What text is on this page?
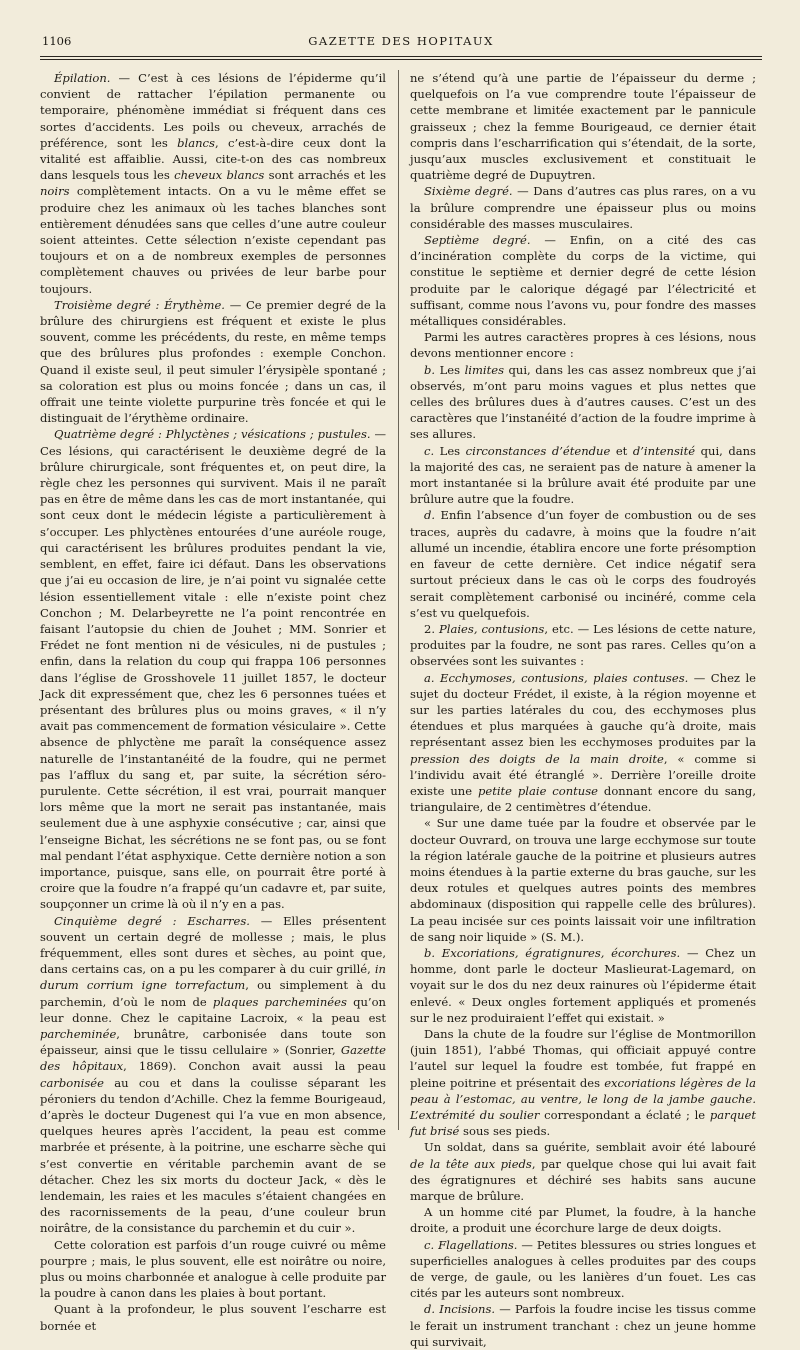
1106	GAZETTE DES HOPITAUX

Épilation. — C’est à ces lésions de l’épiderme qu’il convient de rattacher l’épilation permanente ou temporaire, phénomène immédiat si fréquent dans ces sortes d’accidents. Les poils ou cheveux, arrachés de préférence, sont les blancs, c’est-à-dire ceux dont la vitalité est affaiblie. Aussi, cite-t-on des cas nombreux dans lesquels tous les cheveux blancs sont arrachés et les noirs complètement intacts. On a vu le même effet se produire chez les animaux où les taches blanches sont entièrement dénudées sans que celles d’une autre couleur soient atteintes. Cette sélection n’existe cependant pas toujours et on a de nombreux exemples de personnes complètement chauves ou privées de leur barbe pour toujours.

Troisième degré : Érythème. — Ce premier degré de la brûlure des chirurgiens est fréquent et existe le plus souvent, comme les précédents, du reste, en même temps que des brûlures plus profondes : exemple Conchon. Quand il existe seul, il peut simuler l’érysipèle spontané ; sa coloration est plus ou moins foncée ; dans un cas, il offrait une teinte violette purpurine très foncée et qui le distinguait de l’érythème ordinaire.

Quatrième degré : Phlyctènes ; vésications ; pustules. — Ces lésions, qui caractérisent le deuxième degré de la brûlure chirurgicale, sont fréquentes et, on peut dire, la règle chez les personnes qui survivent. Mais il ne paraît pas en être de même dans les cas de mort instantanée, qui sont ceux dont le médecin légiste a particulièrement à s’occuper. Les phlyctènes entourées d’une auréole rouge, qui caractérisent les brûlures produites pendant la vie, semblent, en effet, faire ici défaut. Dans les observations que j’ai eu occasion de lire, je n’ai point vu signalée cette lésion essentiellement vitale : elle n’existe point chez Conchon ; M. Delarbeyrette ne l’a point rencontrée en faisant l’autopsie du chien de Jouhet ; MM. Sonrier et Frédet ne font mention ni de vésicules, ni de pustules ; enfin, dans la relation du coup qui frappa 106 personnes dans l’église de Grosshovele 11 juillet 1857, le docteur Jack dit expressément que, chez les 6 personnes tuées et présentant des brûlures plus ou moins graves, « il n’y avait pas commencement de formation vésiculaire ». Cette absence de phlyctène me paraît la conséquence assez naturelle de l’instantanéité de la foudre, qui ne permet pas l’afflux du sang et, par suite, la sécrétion séro-purulente. Cette sécrétion, il est vrai, pourrait manquer lors même que la mort ne serait pas instantanée, mais seulement due à une asphyxie consécutive ; car, ainsi que l’enseigne Bichat, les sécrétions ne se font pas, ou se font mal pendant l’état asphyxique. Cette dernière notion a son importance, puisque, sans elle, on pourrait être porté à croire que la foudre n’a frappé qu’un cadavre et, par suite, soupçonner un crime là où il n’y en a pas.

Cinquième degré : Escharres. — Elles présentent souvent un certain degré de mollesse ; mais, le plus fréquemment, elles sont dures et sèches, au point que, dans certains cas, on a pu les comparer à du cuir grillé, in durum corrium igne torrefactum, ou simplement à du parchemin, d’où le nom de plaques parcheminées qu’on leur donne. Chez le capitaine Lacroix, « la peau est parcheminée, brunâtre, carbonisée dans toute son épaisseur, ainsi que le tissu cellulaire » (Sonrier, Gazette des hôpitaux, 1869). Conchon avait aussi la peau carbonisée au cou et dans la coulisse séparant les péroniers du tendon d’Achille. Chez la femme Bourigeaud, d’après le docteur Dugenest qui l’a vue en mon absence, quelques heures après l’accident, la peau est comme marbrée et présente, à la poitrine, une escharre sèche qui s’est convertie en véritable parchemin avant de se détacher. Chez les six morts du docteur Jack, « dès le lendemain, les raies et les macules s’étaient changées en des racornissements de la peau, d’une couleur brun noirâtre, de la consistance du parchemin et du cuir ».

Cette coloration est parfois d’un rouge cuivré ou même pourpre ; mais, le plus souvent, elle est noirâtre ou noire, plus ou moins charbonnée et analogue à celle produite par la poudre à canon dans les plaies à bout portant.

Quant à la profondeur, le plus souvent l’escharre est bornée et

ne s’étend qu’à une partie de l’épaisseur du derme ; quelquefois on l’a vue comprendre toute l’épaisseur de cette membrane et limitée exactement par le pannicule graisseux ; chez la femme Bourigeaud, ce dernier était compris dans l’escharrification qui s’étendait, de la sorte, jusqu’aux muscles exclusivement et constituait le quatrième degré de Dupuytren.

Sixième degré. — Dans d’autres cas plus rares, on a vu la brûlure comprendre une épaisseur plus ou moins considérable des masses musculaires.

Septième degré. — Enfin, on a cité des cas d’incinération complète du corps de la victime, qui constitue le septième et dernier degré de cette lésion produite par le calorique dégagé par l’électricité et suffisant, comme nous l’avons vu, pour fondre des masses métalliques considérables.

Parmi les autres caractères propres à ces lésions, nous devons mentionner encore :

b. Les limites qui, dans les cas assez nombreux que j’ai observés, m’ont paru moins vagues et plus nettes que celles des brûlures dues à d’autres causes. C’est un des caractères que l’instanéité d’action de la foudre imprime à ses allures.

c. Les circonstances d’étendue et d’intensité qui, dans la majorité des cas, ne seraient pas de nature à amener la mort instantanée si la brûlure avait été produite par une brûlure autre que la foudre.

d. Enfin l’absence d’un foyer de combustion ou de ses traces, auprès du cadavre, à moins que la foudre n’ait allumé un incendie, établira encore une forte présomption en faveur de cette dernière. Cet indice négatif sera surtout précieux dans le cas où le corps des foudroyés serait complètement carbonisé ou incinéré, comme cela s’est vu quelquefois.

2. Plaies, contusions, etc. — Les lésions de cette nature, produites par la foudre, ne sont pas rares. Celles qu’on a observées sont les suivantes :

a. Ecchymoses, contusions, plaies contuses. — Chez le sujet du docteur Frédet, il existe, à la région moyenne et sur les parties latérales du cou, des ecchymoses plus étendues et plus marquées à gauche qu’à droite, mais représentant assez bien les ecchymoses produites par la pression des doigts de la main droite, « comme si l’individu avait été étranglé ». Derrière l’oreille droite existe une petite plaie contuse donnant encore du sang, triangulaire, de 2 centimètres d’étendue.

« Sur une dame tuée par la foudre et observée par le docteur Ouvrard, on trouva une large ecchymose sur toute la région latérale gauche de la poitrine et plusieurs autres moins étendues à la partie externe du bras gauche, sur les deux rotules et quelques autres points des membres abdominaux (disposition qui rappelle celle des brûlures). La peau incisée sur ces points laissait voir une infiltration de sang noir liquide » (S. M.).

b. Excoriations, égratignures, écorchures. — Chez un homme, dont parle le docteur Maslieurat-Lagemard, on voyait sur le dos du nez deux rainures où l’épiderme était enlevé. « Deux ongles fortement appliqués et promenés sur le nez produiraient l’effet qui existait. »

Dans la chute de la foudre sur l’église de Montmorillon (juin 1851), l’abbé Thomas, qui officiait appuyé contre l’autel sur lequel la foudre est tombée, fut frappé en pleine poitrine et présentait des excoriations légères de la peau à l’estomac, au ventre, le long de la jambe gauche. L’extrémité du soulier correspondant a éclaté ; le parquet fut brisé sous ses pieds.

Un soldat, dans sa guérite, semblait avoir été labouré de la tête aux pieds, par quelque chose qui lui avait fait des égratignures et déchiré ses habits sans aucune marque de brûlure.

A un homme cité par Plumet, la foudre, à la hanche droite, a produit une écorchure large de deux doigts.

c. Flagellations. — Petites blessures ou stries longues et superficielles analogues à celles produites par des coups de verge, de gaule, ou les lanières d’un fouet. Les cas cités par les auteurs sont nombreux.

d. Incisions. — Parfois la foudre incise les tissus comme le ferait un instrument tranchant : chez un jeune homme qui survivait,
